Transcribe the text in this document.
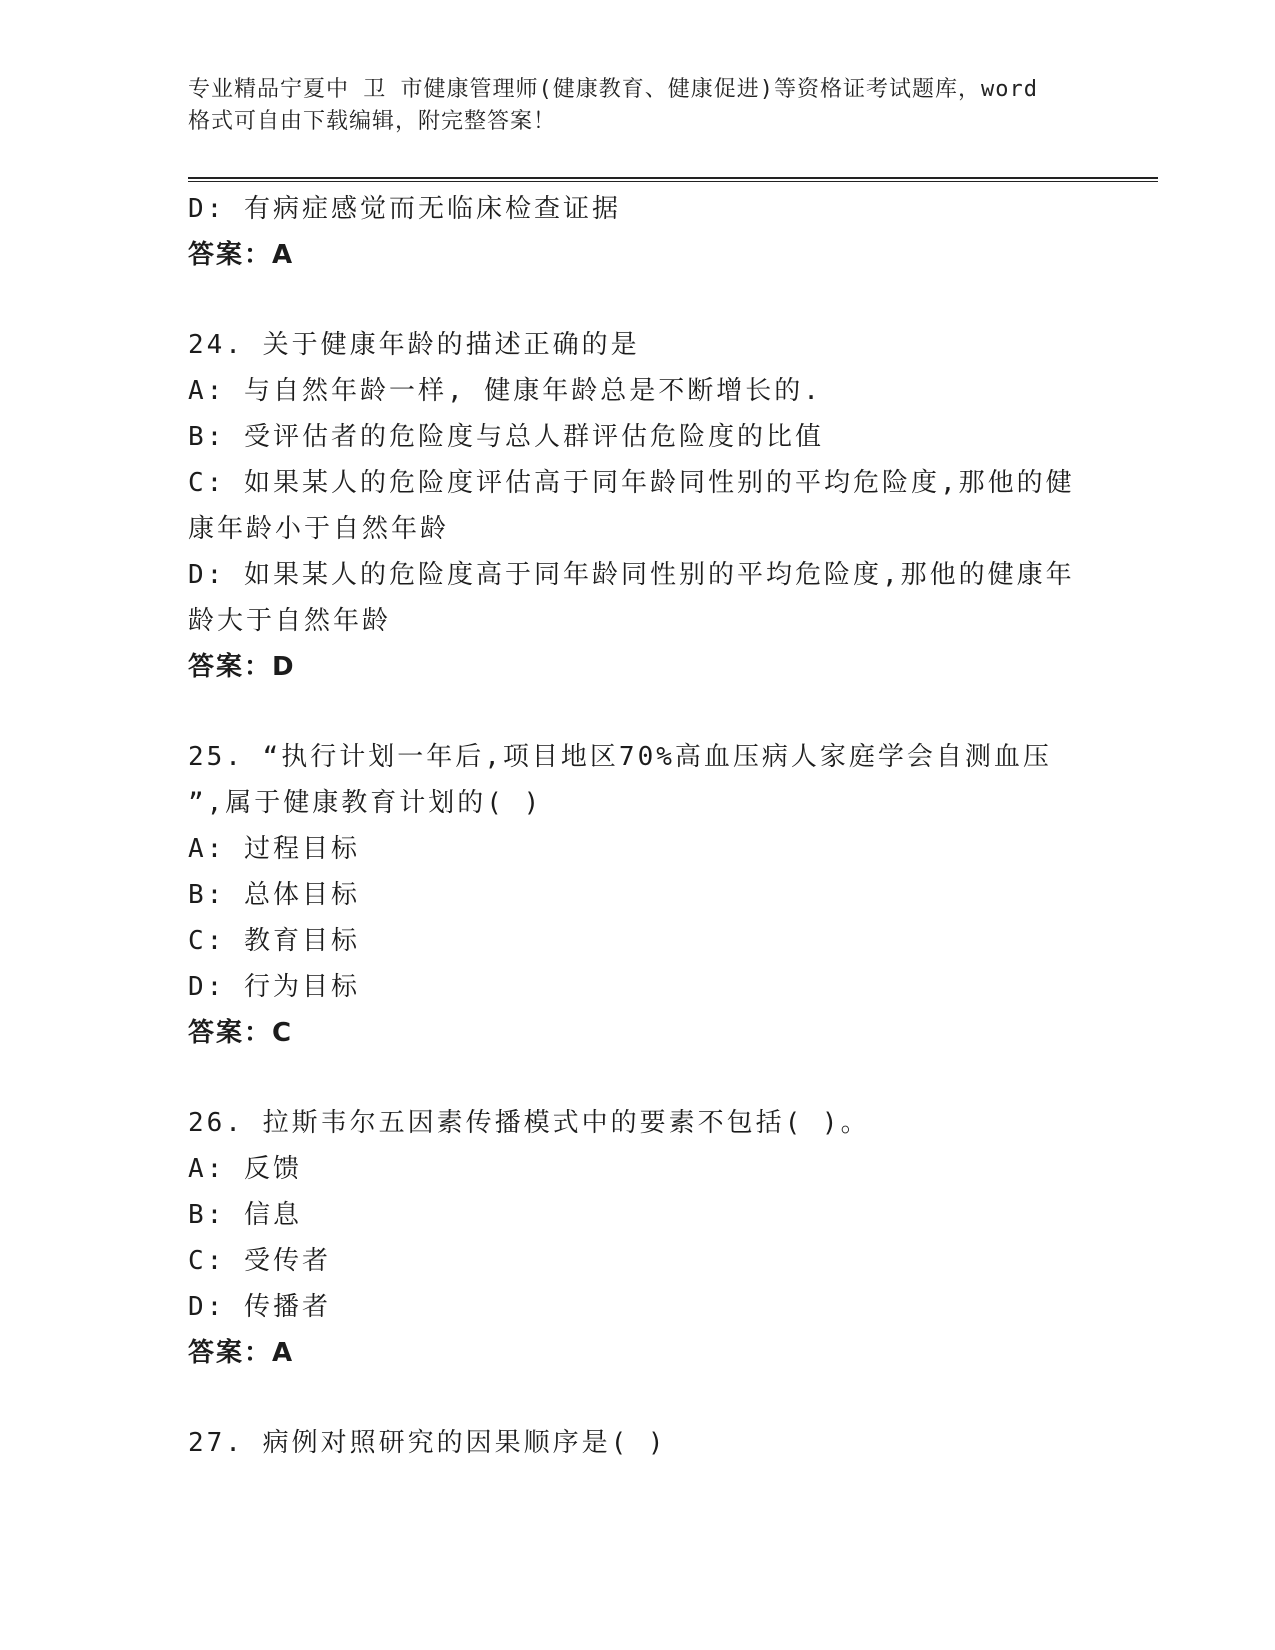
专业精品宁夏中 卫 市健康管理师(健康教育、健康促进)等资格证考试题库，word
格式可自由下载编辑，附完整答案！
D: 有病症感觉而无临床检查证据
答案：A
24. 关于健康年龄的描述正确的是
A: 与自然年龄一样, 健康年龄总是不断增长的.
B: 受评估者的危险度与总人群评估危险度的比值
C: 如果某人的危险度评估高于同年龄同性别的平均危险度,那他的健
康年龄小于自然年龄
D: 如果某人的危险度高于同年龄同性别的平均危险度,那他的健康年
龄大于自然年龄
答案：D
25. “执行计划一年后,项目地区70%高血压病人家庭学会自测血压
”,属于健康教育计划的( )
A: 过程目标
B: 总体目标
C: 教育目标
D: 行为目标
答案：C
26. 拉斯韦尔五因素传播模式中的要素不包括( )。
A: 反馈
B: 信息
C: 受传者
D: 传播者
答案：A
27. 病例对照研究的因果顺序是( )
